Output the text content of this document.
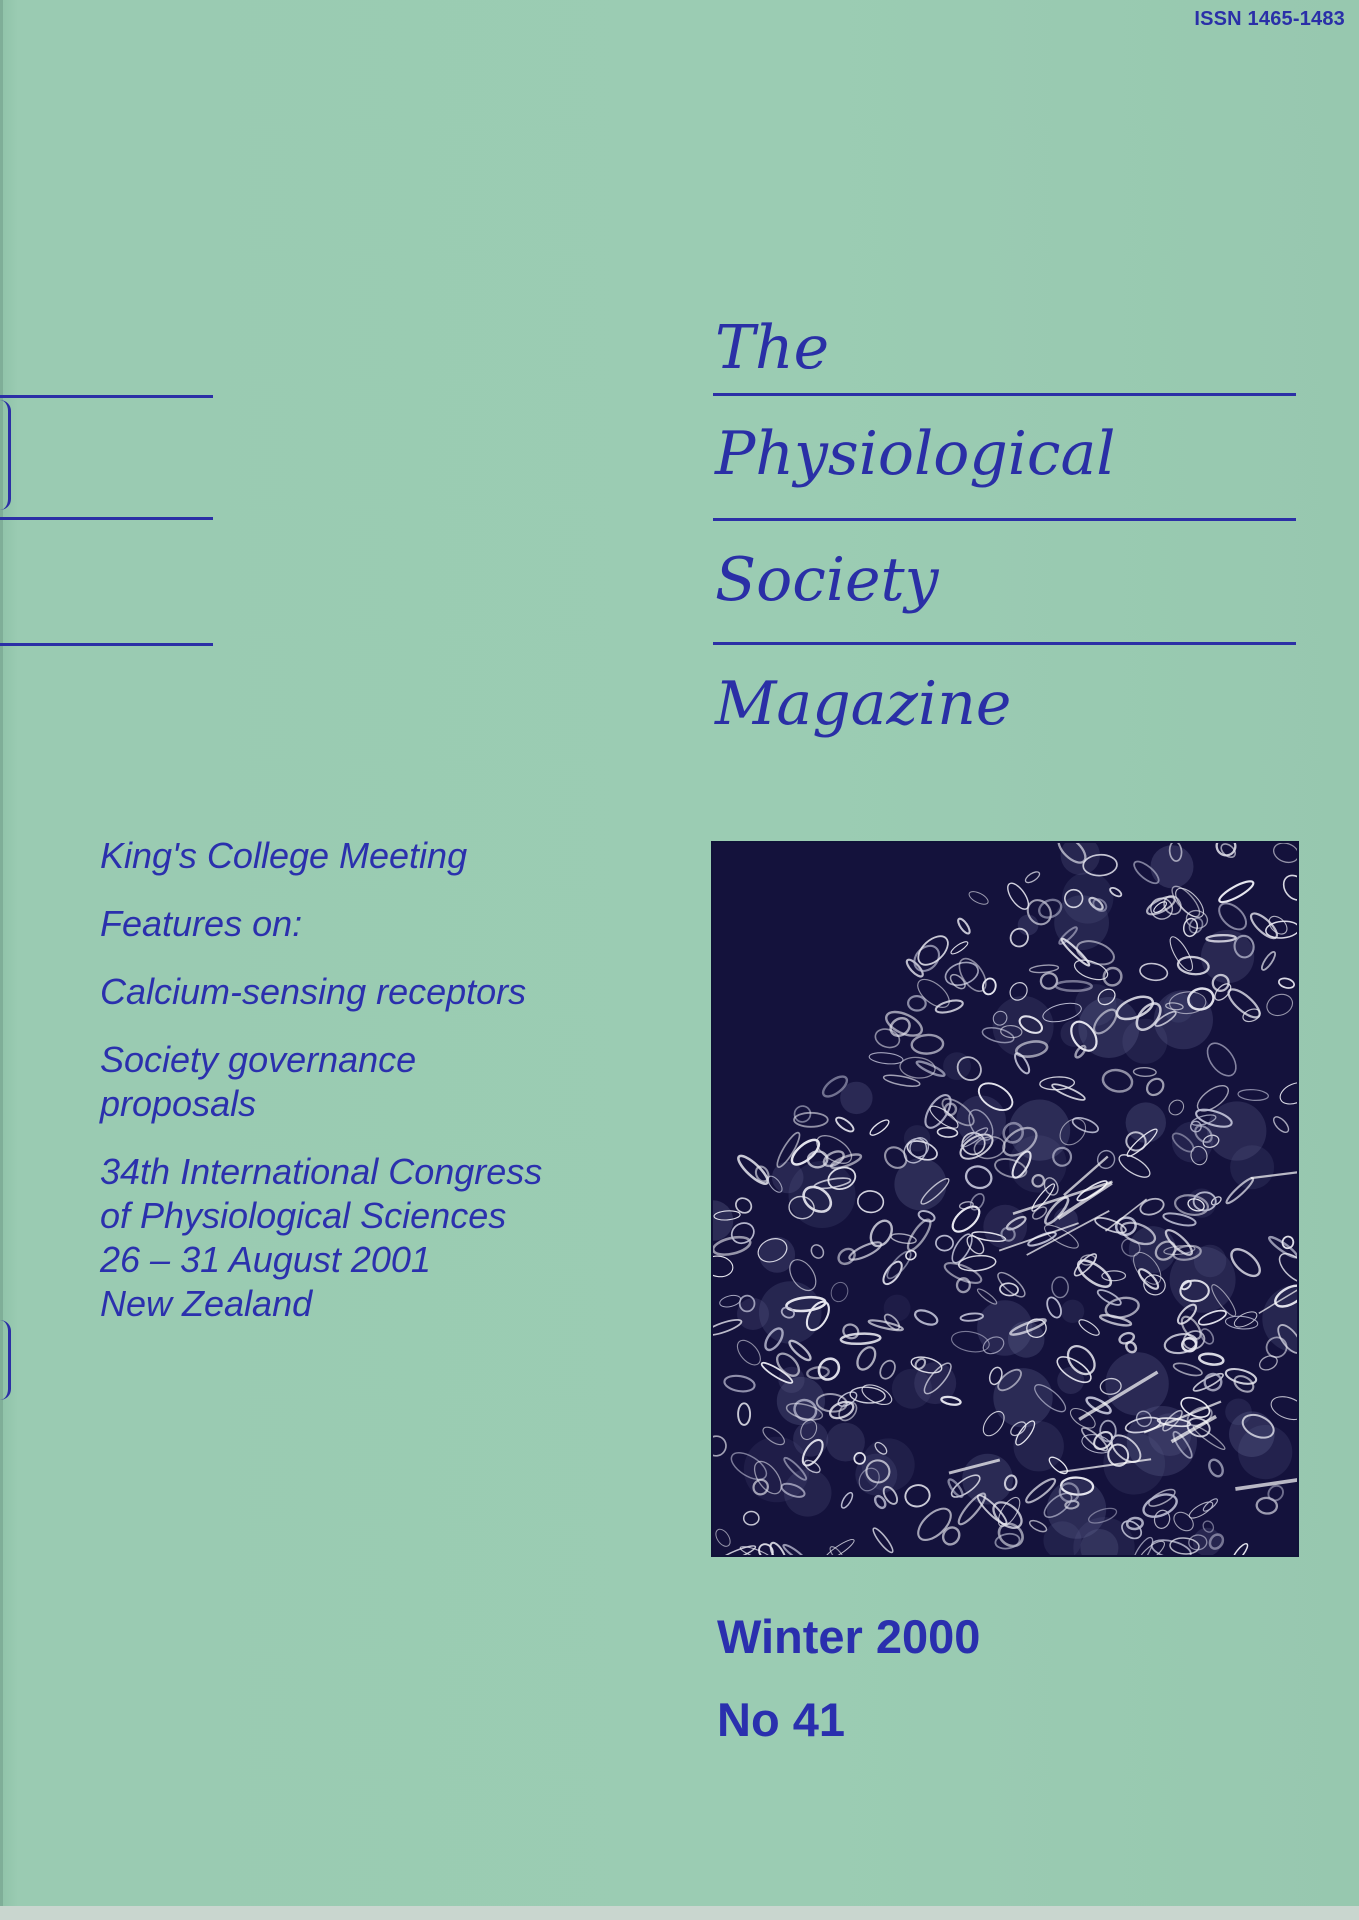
ISSN 1465-1483
The
Physiological
Society
Magazine
King's College Meeting
Features on:
Calcium-sensing receptors
Society governance
proposals
34th International Congress
of Physiological Sciences
26 – 31 August 2001
New Zealand
Winter 2000
No 41
